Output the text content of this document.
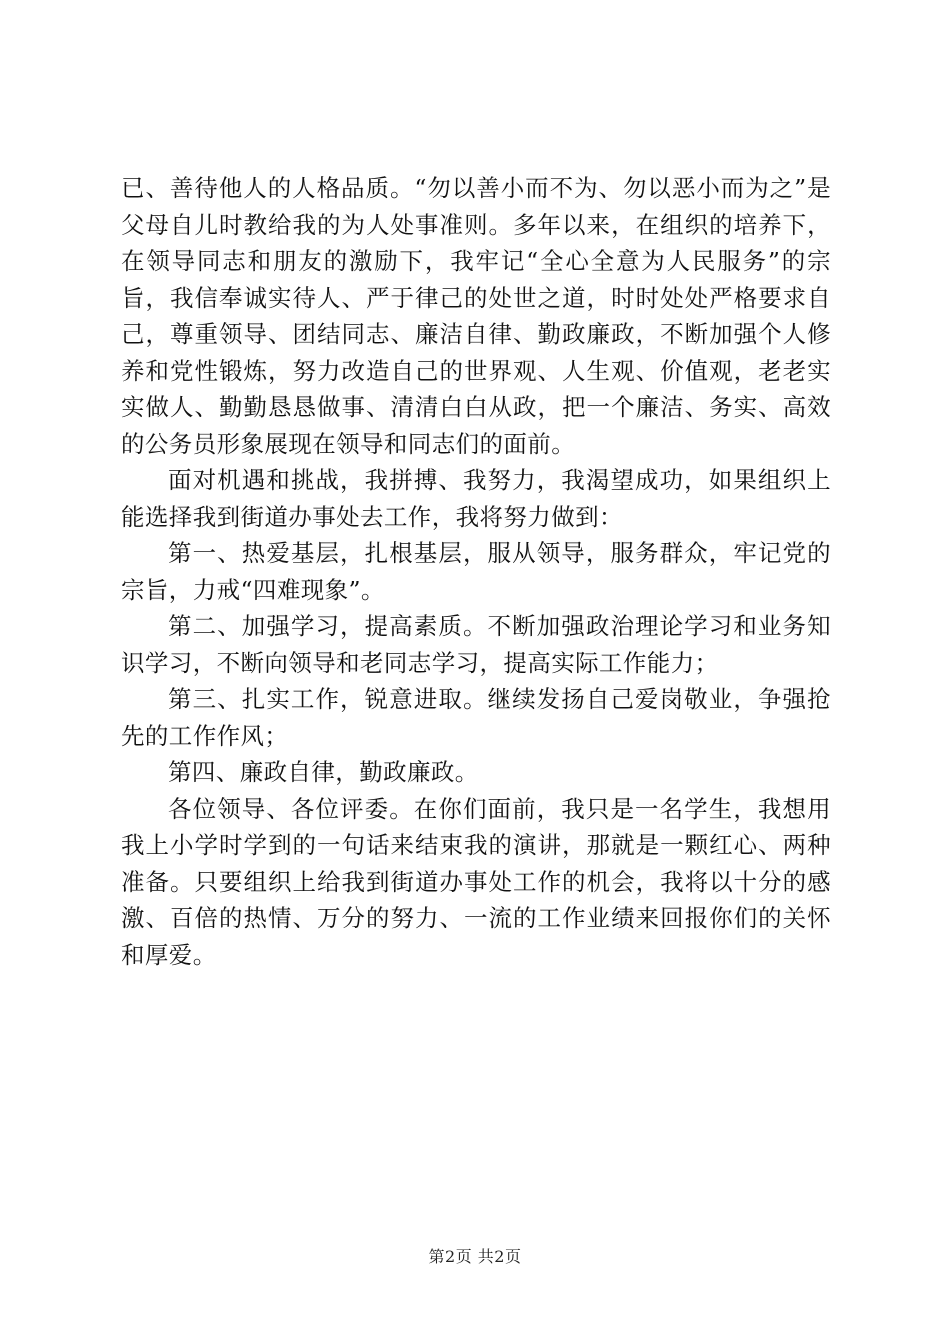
已、善待他人的人格品质。“勿以善小而不为、勿以恶小而为之”是父母自儿时教给我的为人处事准则。多年以来，在组织的培养下，在领导同志和朋友的激励下，我牢记“全心全意为人民服务”的宗旨，我信奉诚实待人、严于律己的处世之道，时时处处严格要求自己，尊重领导、团结同志、廉洁自律、勤政廉政，不断加强个人修养和党性锻炼，努力改造自己的世界观、人生观、价值观，老老实实做人、勤勤恳恳做事、清清白白从政，把一个廉洁、务实、高效的公务员形象展现在领导和同志们的面前。

面对机遇和挑战，我拼搏、我努力，我渴望成功，如果组织上能选择我到街道办事处去工作，我将努力做到：

第一、热爱基层，扎根基层，服从领导，服务群众，牢记党的宗旨，力戒“四难现象”。

第二、加强学习，提高素质。不断加强政治理论学习和业务知识学习，不断向领导和老同志学习，提高实际工作能力；

第三、扎实工作，锐意进取。继续发扬自己爱岗敬业，争强抢先的工作作风；

第四、廉政自律，勤政廉政。

各位领导、各位评委。在你们面前，我只是一名学生，我想用我上小学时学到的一句话来结束我的演讲，那就是一颗红心、两种准备。只要组织上给我到街道办事处工作的机会，我将以十分的感激、百倍的热情、万分的努力、一流的工作业绩来回报你们的关怀和厚爱。

第2页 共2页
